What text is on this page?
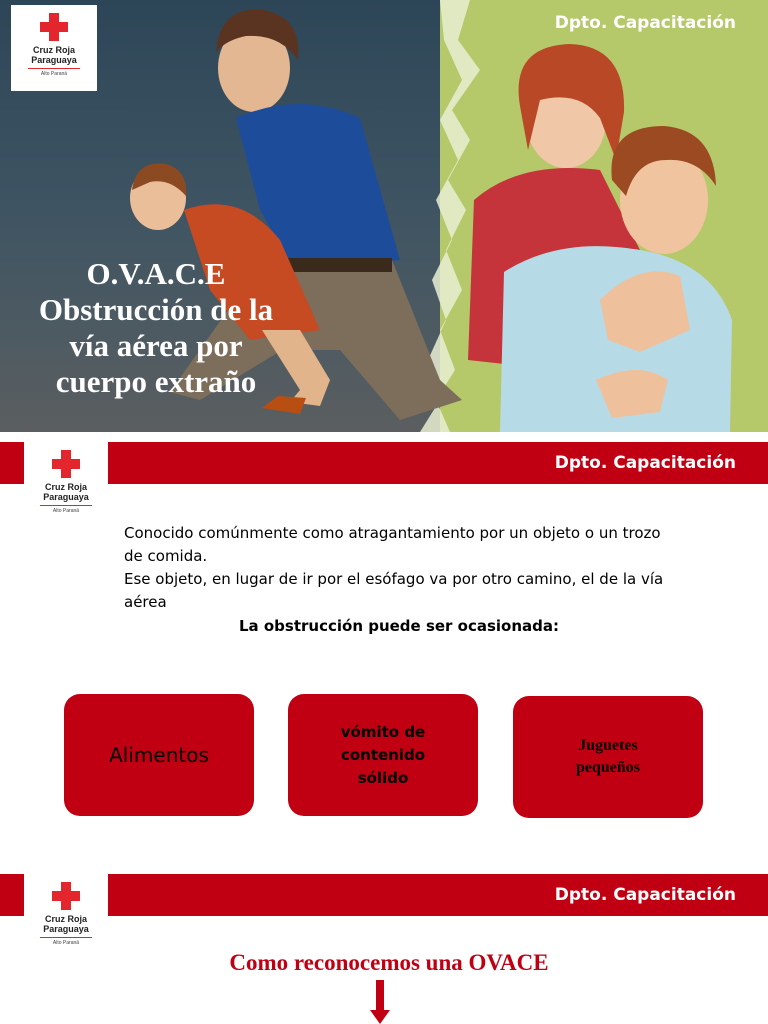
Cruz Roja
Paraguaya
Alto Paraná
Dpto. Capacitación
O.V.A.C.E
Obstrucción de la
vía aérea por
cuerpo extraño
Cruz Roja
Paraguaya
Alto Paraná
Dpto. Capacitación
Conocido comúnmente como atragantamiento por un objeto o un trozo de comida.
Ese objeto, en lugar de ir por el esófago va por otro camino, el de la vía aérea
La obstrucción puede ser ocasionada:
Alimentos
vómito de contenido sólido
Juguetes pequeños
Cruz Roja
Paraguaya
Alto Paraná
Dpto. Capacitación
Como reconocemos una OVACE
